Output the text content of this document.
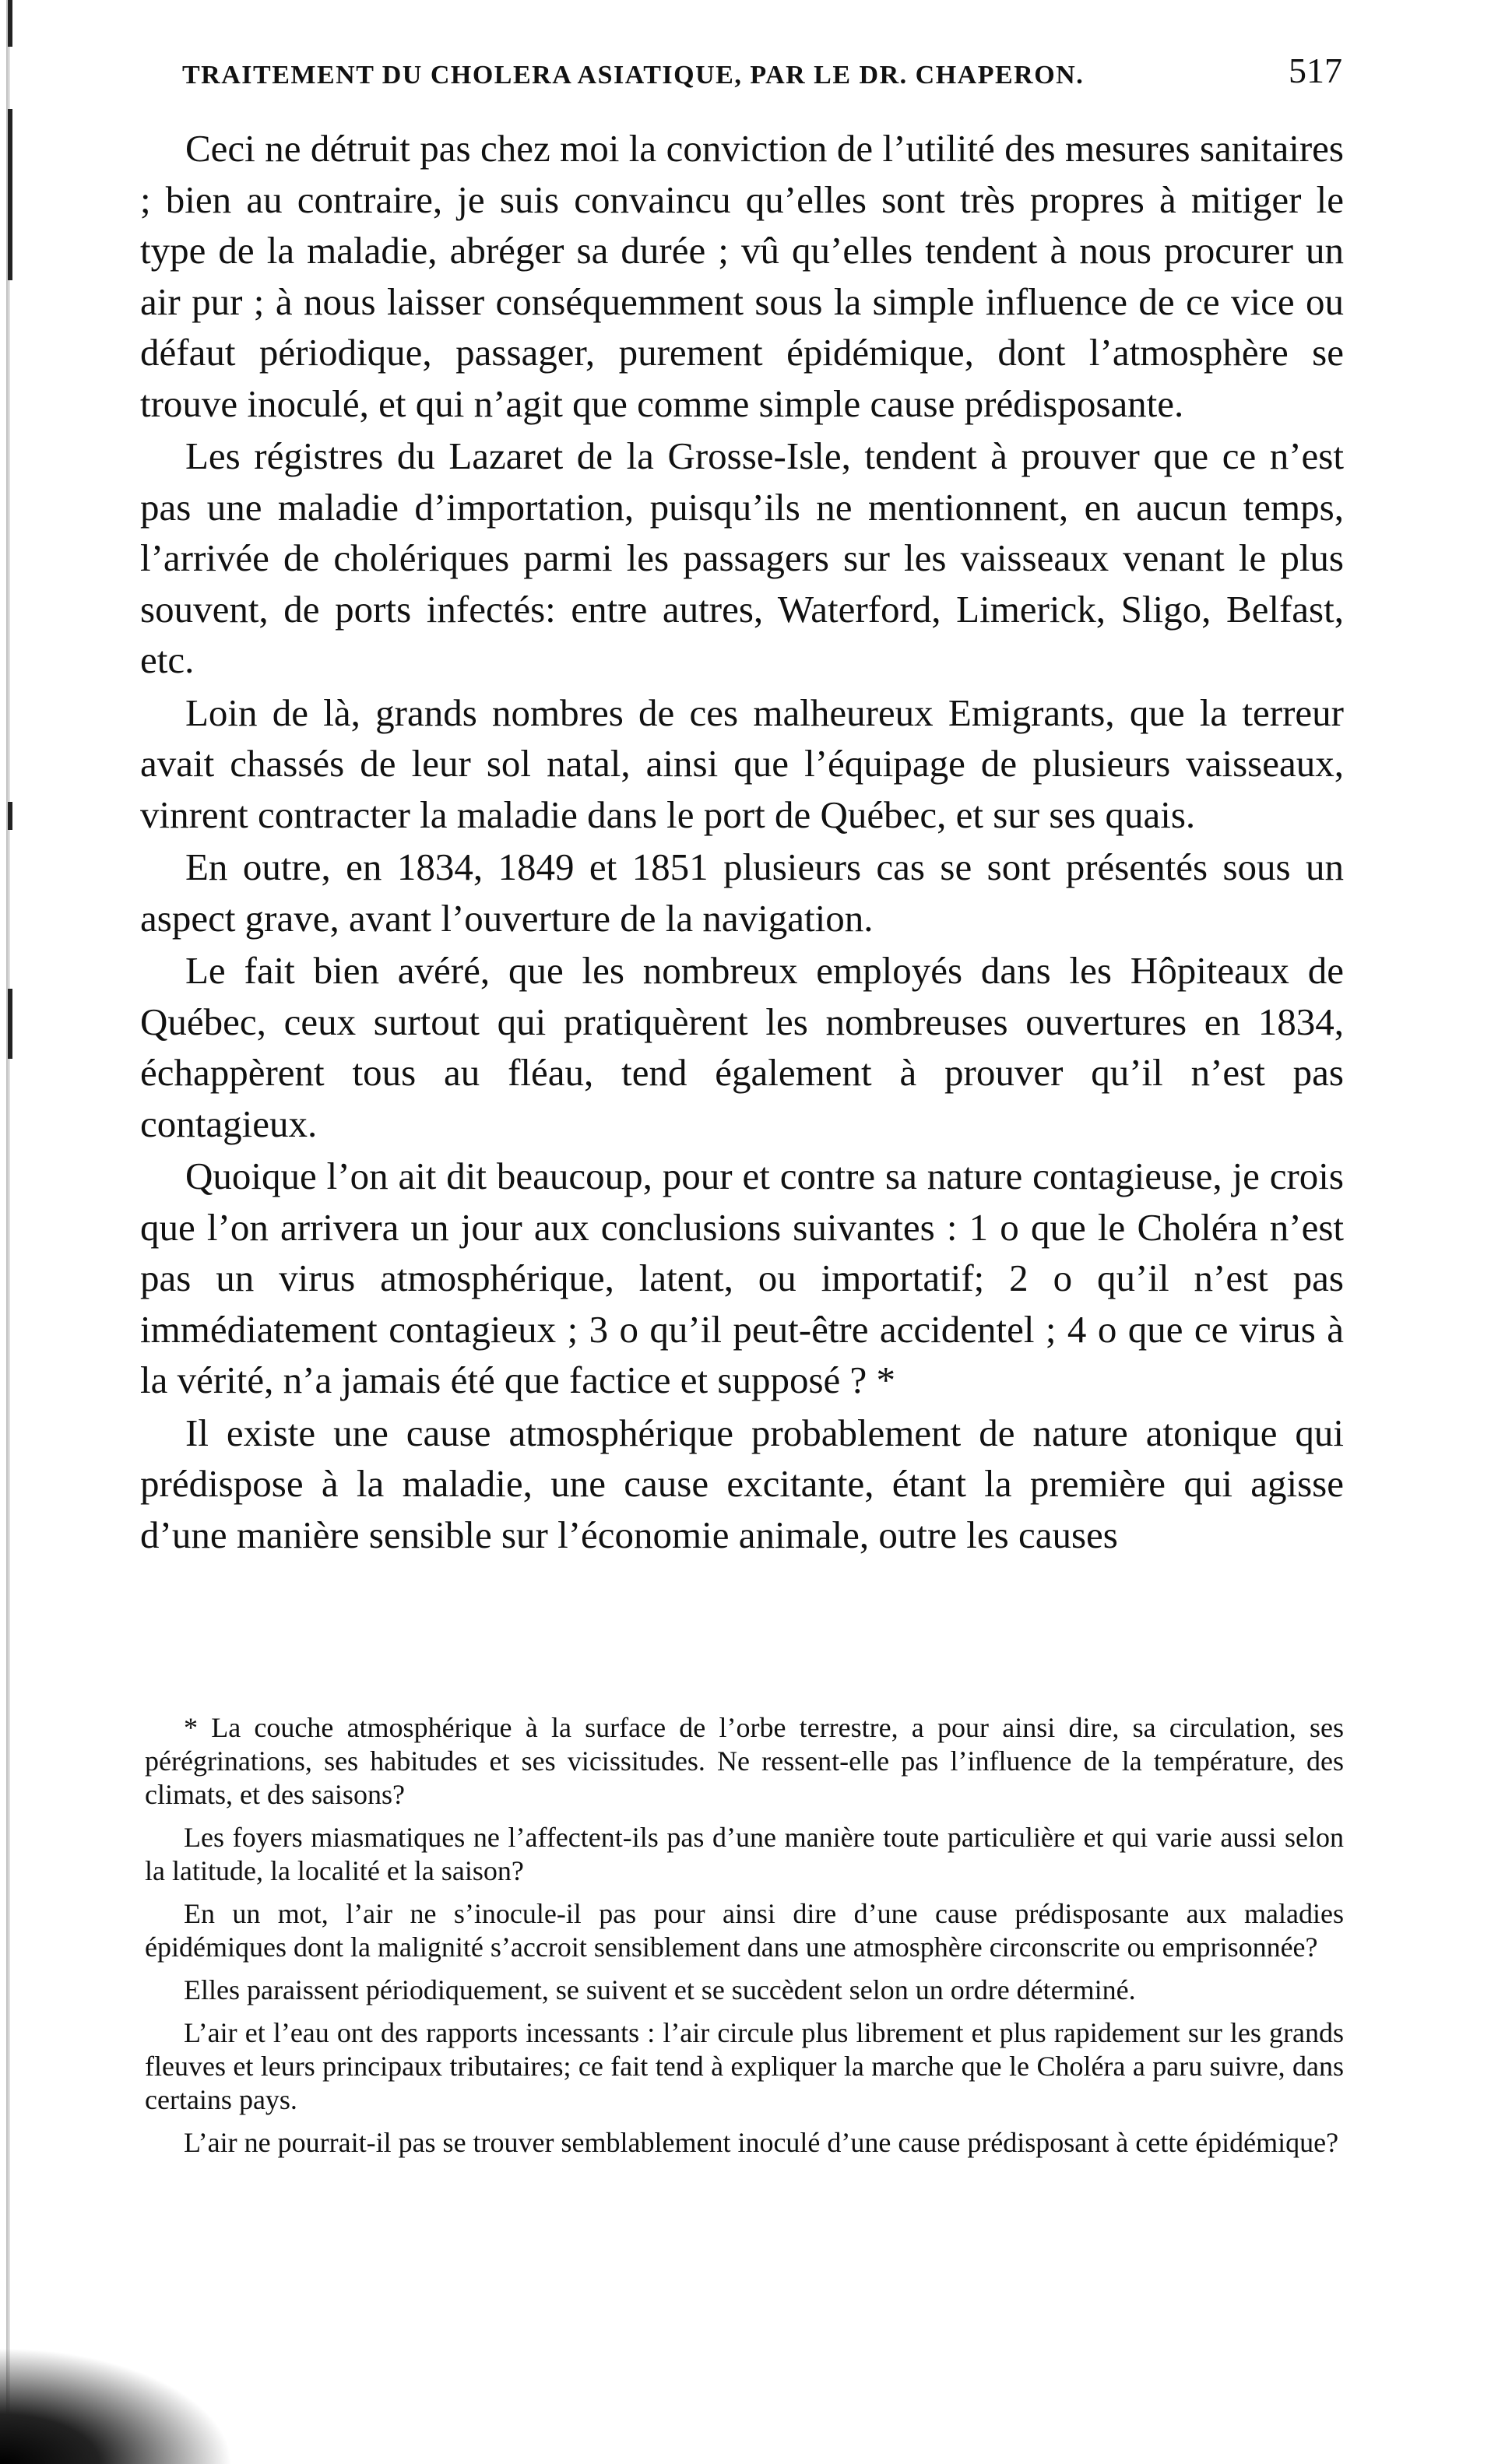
TRAITEMENT DU CHOLERA ASIATIQUE, PAR LE DR. CHAPERON.	517

Ceci ne détruit pas chez moi la conviction de l’utilité des mesures sanitaires ; bien au contraire, je suis convaincu qu’elles sont très propres à mitiger le type de la maladie, abréger sa durée ; vû qu’elles tendent à nous procurer un air pur ; à nous laisser conséquemment sous la simple influence de ce vice ou défaut périodique, passager, purement épidémique, dont l’atmosphère se trouve inoculé, et qui n’agit que comme simple cause prédisposante.

Les régistres du Lazaret de la Grosse-Isle, tendent à prouver que ce n’est pas une maladie d’importation, puisqu’ils ne mentionnent, en aucun temps, l’arrivée de cholériques parmi les passagers sur les vaisseaux venant le plus souvent, de ports infectés: entre autres, Waterford, Limerick, Sligo, Belfast, etc.

Loin de là, grands nombres de ces malheureux Emigrants, que la terreur avait chassés de leur sol natal, ainsi que l’équipage de plusieurs vaisseaux, vinrent contracter la maladie dans le port de Québec, et sur ses quais.

En outre, en 1834, 1849 et 1851 plusieurs cas se sont présentés sous un aspect grave, avant l’ouverture de la navigation.

Le fait bien avéré, que les nombreux employés dans les Hôpiteaux de Québec, ceux surtout qui pratiquèrent les nombreuses ouvertures en 1834, échappèrent tous au fléau, tend également à prouver qu’il n’est pas contagieux.

Quoique l’on ait dit beaucoup, pour et contre sa nature contagieuse, je crois que l’on arrivera un jour aux conclusions suivantes : 1 o que le Choléra n’est pas un virus atmosphérique, latent, ou importatif; 2 o qu’il n’est pas immédiatement contagieux ; 3 o qu’il peut-être accidentel ; 4 o que ce virus à la vérité, n’a jamais été que factice et supposé ? *

Il existe une cause atmosphérique probablement de nature atonique qui prédispose à la maladie, une cause excitante, étant la première qui agisse d’une manière sensible sur l’économie animale, outre les causes

* La couche atmosphérique à la surface de l’orbe terrestre, a pour ainsi dire, sa circulation, ses pérégrinations, ses habitudes et ses vicissitudes. Ne ressent-elle pas l’influence de la température, des climats, et des saisons?

Les foyers miasmatiques ne l’affectent-ils pas d’une manière toute particulière et qui varie aussi selon la latitude, la localité et la saison?

En un mot, l’air ne s’inocule-il pas pour ainsi dire d’une cause prédisposante aux maladies épidémiques dont la malignité s’accroit sensiblement dans une atmosphère circonscrite ou emprisonnée?

Elles paraissent périodiquement, se suivent et se succèdent selon un ordre déterminé.

L’air et l’eau ont des rapports incessants : l’air circule plus librement et plus rapidement sur les grands fleuves et leurs principaux tributaires; ce fait tend à expliquer la marche que le Choléra a paru suivre, dans certains pays.

L’air ne pourrait-il pas se trouver semblablement inoculé d’une cause prédisposant à cette épidémique?
